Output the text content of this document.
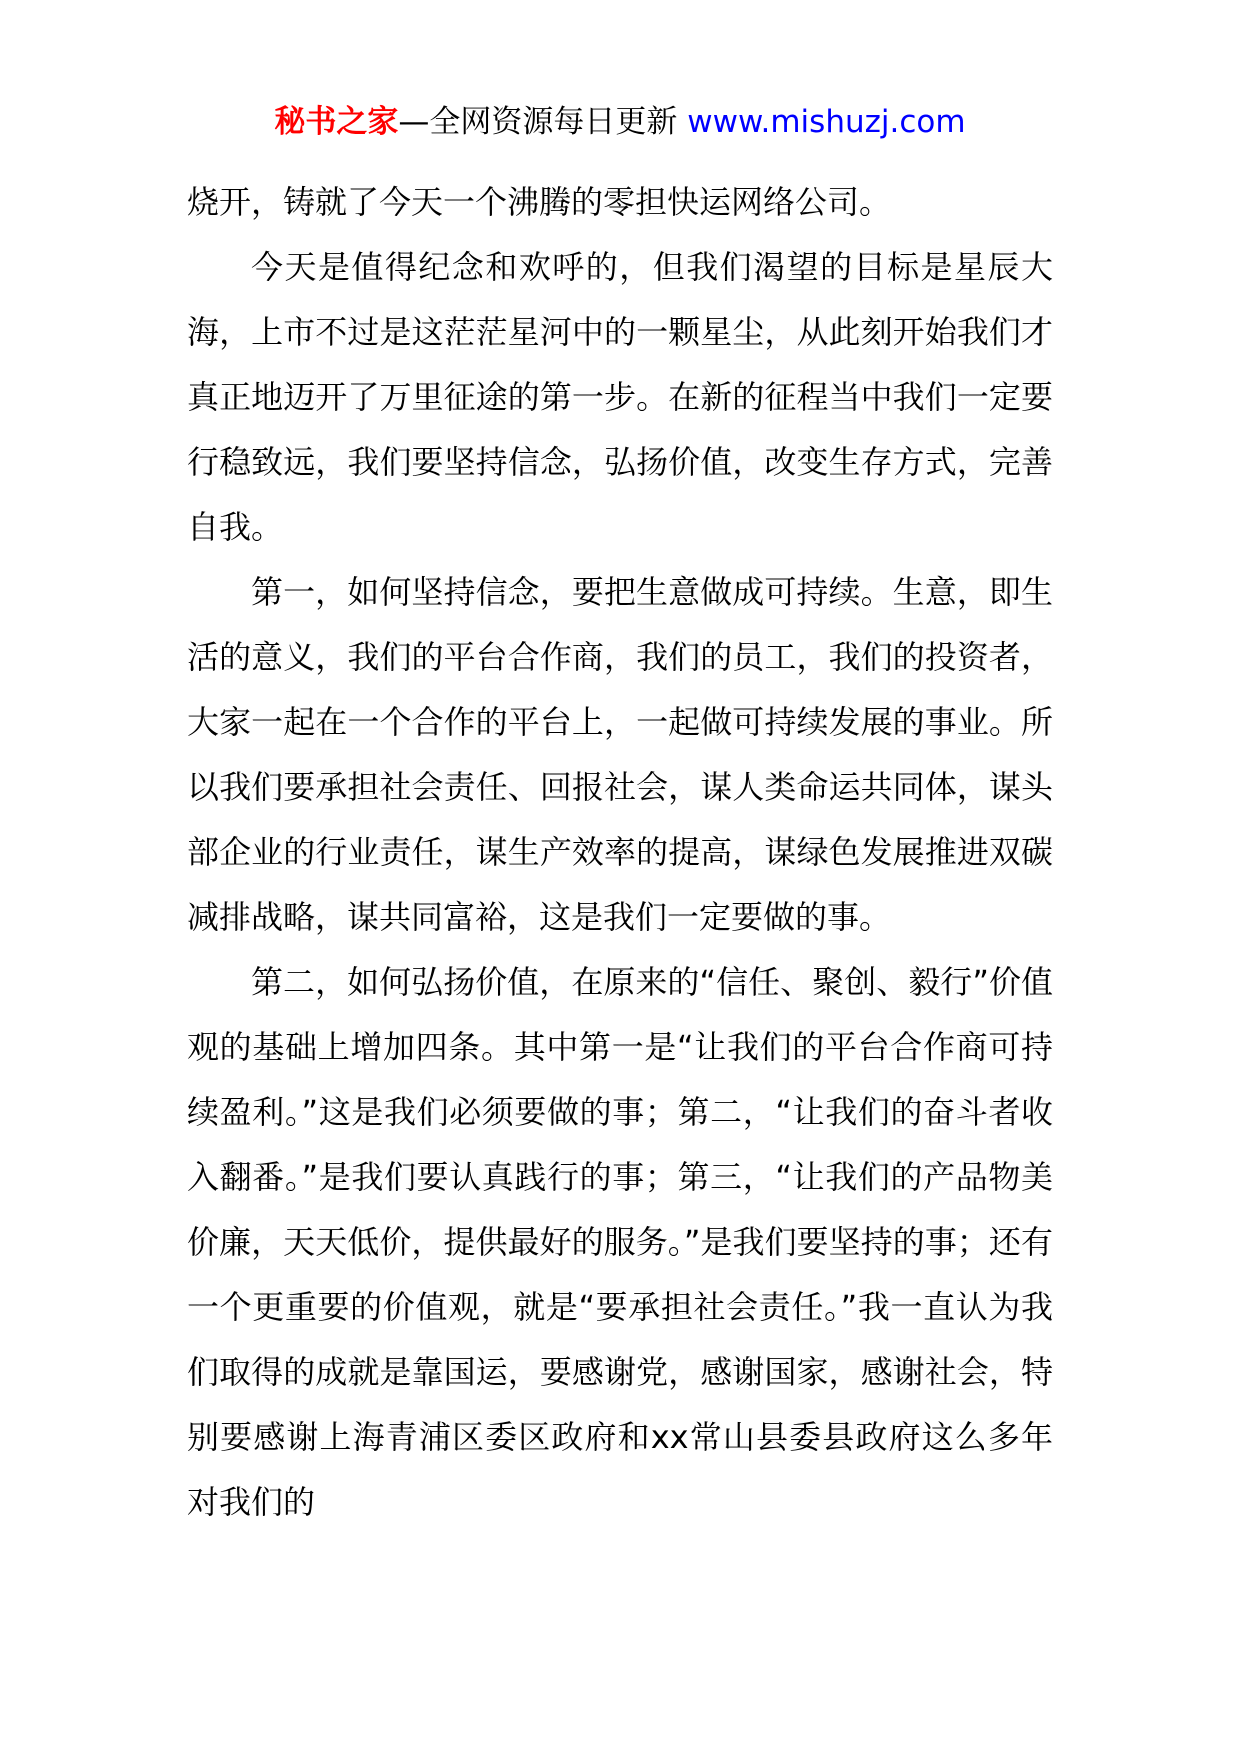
秘书之家—全网资源每日更新 www.mishuzj.com

烧开，铸就了今天一个沸腾的零担快运网络公司。

今天是值得纪念和欢呼的，但我们渴望的目标是星辰大海，上市不过是这茫茫星河中的一颗星尘，从此刻开始我们才真正地迈开了万里征途的第一步。在新的征程当中我们一定要行稳致远，我们要坚持信念，弘扬价值，改变生存方式，完善自我。

第一，如何坚持信念，要把生意做成可持续。生意，即生活的意义，我们的平台合作商，我们的员工，我们的投资者，大家一起在一个合作的平台上，一起做可持续发展的事业。所以我们要承担社会责任、回报社会，谋人类命运共同体，谋头部企业的行业责任，谋生产效率的提高，谋绿色发展推进双碳减排战略，谋共同富裕，这是我们一定要做的事。

第二，如何弘扬价值，在原来的“信任、聚创、毅行”价值观的基础上增加四条。其中第一是“让我们的平台合作商可持续盈利。”这是我们必须要做的事；第二，“让我们的奋斗者收入翻番。”是我们要认真践行的事；第三，“让我们的产品物美价廉，天天低价，提供最好的服务。”是我们要坚持的事；还有一个更重要的价值观，就是“要承担社会责任。”我一直认为我们取得的成就是靠国运，要感谢党，感谢国家，感谢社会，特别要感谢上海青浦区委区政府和xx常山县委县政府这么多年对我们的
